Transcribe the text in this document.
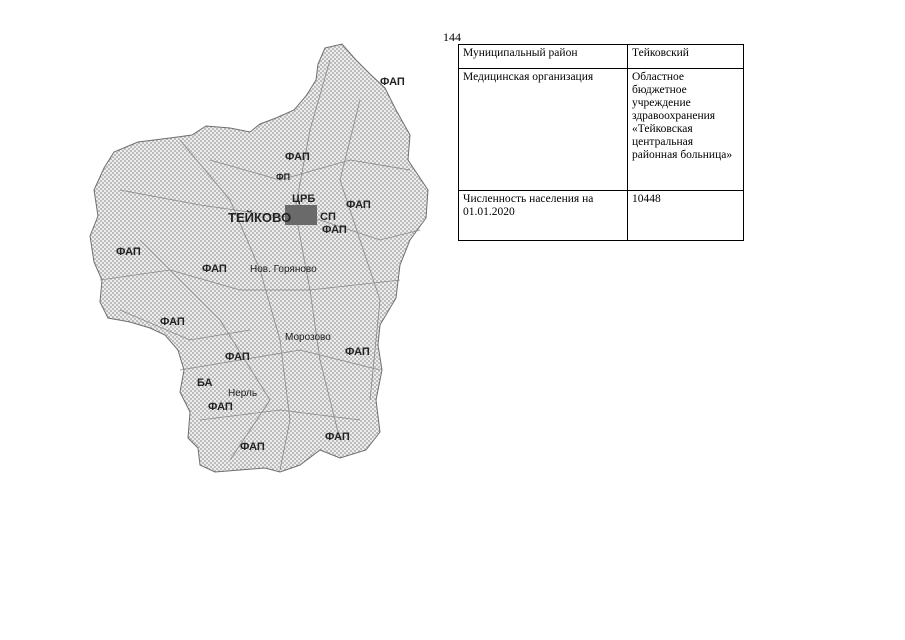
144
ТЕЙКОВО
ЦРБ
СП
ФАП
ФАП
ФАП
ФАП
ФАП
ФАП
ФАП	ФАП
ФАП
ФАП
ФАП
ФАП
БА
ФП
Нов. Горяново
Морозово
Нерль
Муниципальный район	Тейковский
Медицинская организация	Областное бюджетное учреждение здравоохранения «Тейковская центральная районная больница»
Численность населения на 01.01.2020	10448
